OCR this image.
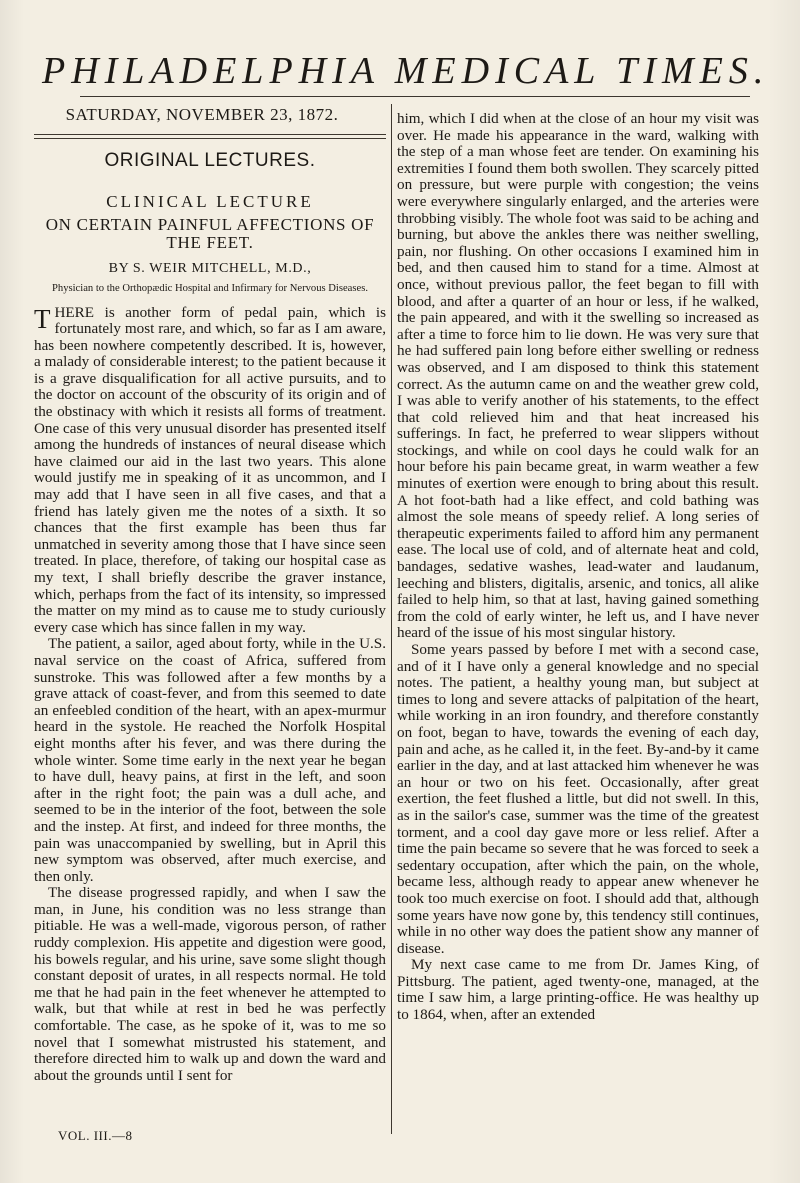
PHILADELPHIA MEDICAL TIMES.
SATURDAY, NOVEMBER 23, 1872.
ORIGINAL LECTURES.
CLINICAL LECTURE
ON CERTAIN PAINFUL AFFECTIONS OF THE FEET.
BY S. WEIR MITCHELL, M.D.,
Physician to the Orthopædic Hospital and Infirmary for Nervous Diseases.

T HERE is another form of pedal pain, which is fortunately most rare, and which, so far as I am aware, has been nowhere competently described. It is, however, a malady of considerable interest; to the patient because it is a grave disqualification for all active pursuits, and to the doctor on account of the obscurity of its origin and of the obstinacy with which it resists all forms of treatment. One case of this very unusual disorder has presented itself among the hundreds of instances of neural disease which have claimed our aid in the last two years. This alone would justify me in speaking of it as uncommon, and I may add that I have seen in all five cases, and that a friend has lately given me the notes of a sixth. It so chances that the first example has been thus far unmatched in severity among those that I have since seen treated. In place, therefore, of taking our hospital case as my text, I shall briefly describe the graver instance, which, perhaps from the fact of its intensity, so impressed the matter on my mind as to cause me to study curiously every case which has since fallen in my way.

The patient, a sailor, aged about forty, while in the U.S. naval service on the coast of Africa, suffered from sunstroke. This was followed after a few months by a grave attack of coast-fever, and from this seemed to date an enfeebled condition of the heart, with an apex-murmur heard in the systole. He reached the Norfolk Hospital eight months after his fever, and was there during the whole winter. Some time early in the next year he began to have dull, heavy pains, at first in the left, and soon after in the right foot; the pain was a dull ache, and seemed to be in the interior of the foot, between the sole and the instep. At first, and indeed for three months, the pain was unaccompanied by swelling, but in April this new symptom was observed, after much exercise, and then only.

The disease progressed rapidly, and when I saw the man, in June, his condition was no less strange than pitiable. He was a well-made, vigorous person, of rather ruddy complexion. His appetite and digestion were good, his bowels regular, and his urine, save some slight though constant deposit of urates, in all respects normal. He told me that he had pain in the feet whenever he attempted to walk, but that while at rest in bed he was perfectly comfortable. The case, as he spoke of it, was to me so novel that I somewhat mistrusted his statement, and therefore directed him to walk up and down the ward and about the grounds until I sent for

him, which I did when at the close of an hour my visit was over. He made his appearance in the ward, walking with the step of a man whose feet are tender. On examining his extremities I found them both swollen. They scarcely pitted on pressure, but were purple with congestion; the veins were everywhere singularly enlarged, and the arteries were throbbing visibly. The whole foot was said to be aching and burning, but above the ankles there was neither swelling, pain, nor flushing. On other occasions I examined him in bed, and then caused him to stand for a time. Almost at once, without previous pallor, the feet began to fill with blood, and after a quarter of an hour or less, if he walked, the pain appeared, and with it the swelling so increased as after a time to force him to lie down. He was very sure that he had suffered pain long before either swelling or redness was observed, and I am disposed to think this statement correct. As the autumn came on and the weather grew cold, I was able to verify another of his statements, to the effect that cold relieved him and that heat increased his sufferings. In fact, he preferred to wear slippers without stockings, and while on cool days he could walk for an hour before his pain became great, in warm weather a few minutes of exertion were enough to bring about this result. A hot foot-bath had a like effect, and cold bathing was almost the sole means of speedy relief. A long series of therapeutic experiments failed to afford him any permanent ease. The local use of cold, and of alternate heat and cold, bandages, sedative washes, lead-water and laudanum, leeching and blisters, digitalis, arsenic, and tonics, all alike failed to help him, so that at last, having gained something from the cold of early winter, he left us, and I have never heard of the issue of his most singular history.

Some years passed by before I met with a second case, and of it I have only a general knowledge and no special notes. The patient, a healthy young man, but subject at times to long and severe attacks of palpitation of the heart, while working in an iron foundry, and therefore constantly on foot, began to have, towards the evening of each day, pain and ache, as he called it, in the feet. By-and-by it came earlier in the day, and at last attacked him whenever he was an hour or two on his feet. Occasionally, after great exertion, the feet flushed a little, but did not swell. In this, as in the sailor's case, summer was the time of the greatest torment, and a cool day gave more or less relief. After a time the pain became so severe that he was forced to seek a sedentary occupation, after which the pain, on the whole, became less, although ready to appear anew whenever he took too much exercise on foot. I should add that, although some years have now gone by, this tendency still continues, while in no other way does the patient show any manner of disease.

My next case came to me from Dr. James King, of Pittsburg. The patient, aged twenty-one, managed, at the time I saw him, a large printing-office. He was healthy up to 1864, when, after an extended

VOL. III.—8
